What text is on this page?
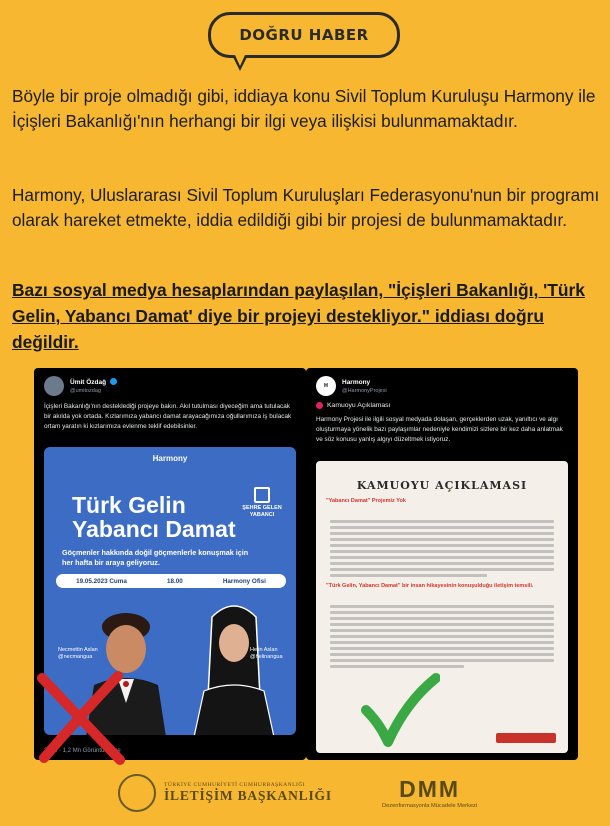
DOĞRU HABER

Böyle bir proje olmadığı gibi, iddiaya konu Sivil Toplum Kuruluşu Harmony ile İçişleri Bakanlığı'nın herhangi bir ilgi veya ilişkisi bulunmamaktadır.

Harmony, Uluslararası Sivil Toplum Kuruluşları Federasyonu'nun bir programı olarak hareket etmekte, iddia edildiği gibi bir projesi de bulunmamaktadır.

Bazı sosyal medya hesaplarından paylaşılan, "İçişleri Bakanlığı, 'Türk Gelin, Yabancı Damat' diye bir projeyi destekliyor." iddiası doğru değildir.

Ümit Özdağ
@umitozdag
İçişleri Bakanlığı'nın desteklediği projeye bakın. Akıl tutulması diyeceğim ama tutulacak bir akılda yok ortada. Kızlarımıza yabancı damat arayacağımıza oğullarımıza iş bulacak ortam yaratın ki kızlarımıza evlenme teklif edebilsinler.
Harmony
Türk Gelin
Yabancı Damat
ŞEHRE GELEN YABANCI
Göçmenler hakkında doğil göçmenlerle konuşmak için her hafta bir araya geliyoruz.
19.05.2023 Cuma	18.00	Harmony Ofisi
Necmettin Aslan
@necmangua
Helin Aslan
@helinangua
2023 · 1,2 Mn Görüntülenme
H
Harmony
@HarmonyProjesi
Kamuoyu Açıklaması
Harmony Projesi ile ilgili sosyal medyada dolaşan, gerçeklerden uzak, yanıltıcı ve algı oluşturmaya yönelik bazı paylaşımlar nedeniyle kendimizi sizlere bir kez daha anlatmak ve söz konusu yanlış algıyı düzeltmek istiyoruz.
KAMUOYU AÇIKLAMASI
"Yabancı Damat" Projemiz Yok
"Türk Gelin, Yabancı Damat" bir insan hikayesinin konuşulduğu iletişim temsili.
TÜRKİYE CUMHURİYETİ CUMHURBAŞKANLIĞI
İLETİŞİM BAŞKANLIĞI	DMM
Dezenformasyonla Mücadele Merkezi
